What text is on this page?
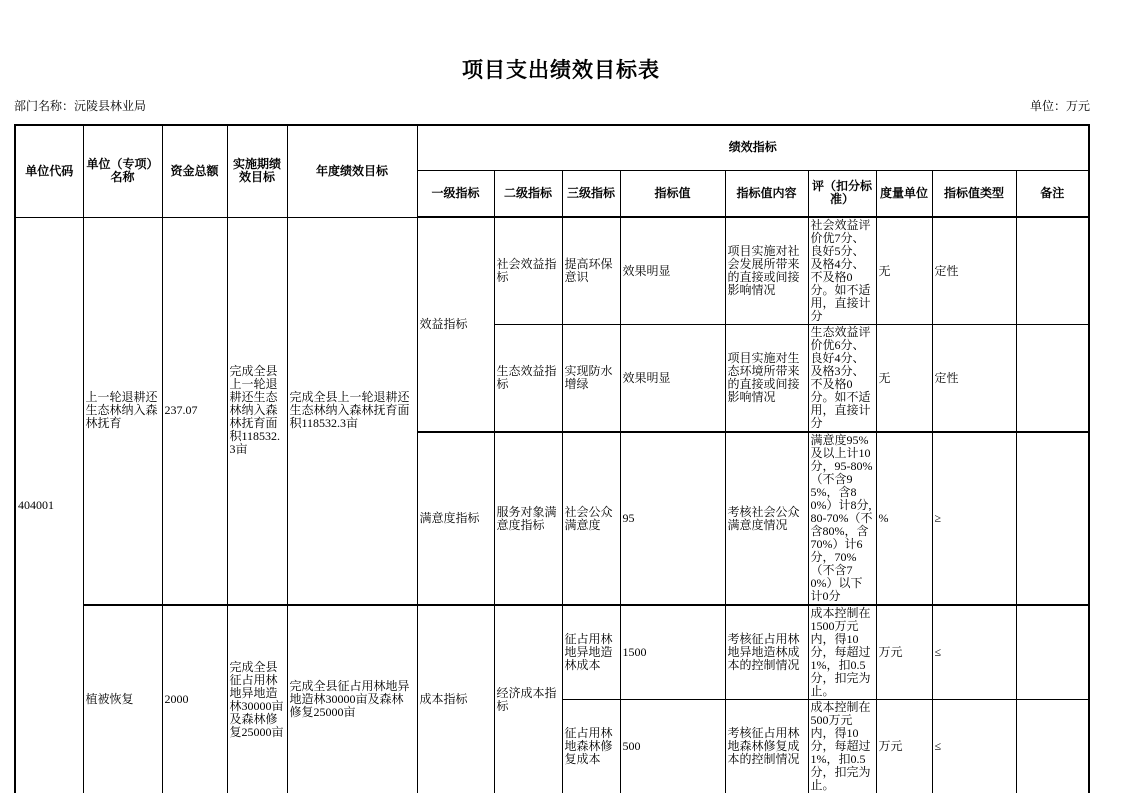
项目支出绩效目标表
部门名称：沅陵县林业局	单位：万元
单位代码	单位（专项）名称	资金总额	实施期绩效目标	年度绩效目标	绩效指标								
					一级指标	二级指标	三级指标	指标值	指标值内容	评（扣分标准）	度量单位	指标值类型	备注
404001	上一轮退耕还生态林纳入森林抚育	237.07	完成全县上一轮退耕还生态林纳入森林抚育面积118532.3亩	完成全县上一轮退耕还生态林纳入森林抚育面积118532.3亩	效益指标	社会效益指标	提高环保意识	效果明显	项目实施对社会发展所带来的直接或间接影响情况	社会效益评价优7分、良好5分、及格4分、不及格0分。如不适用，直接计分	无	定性	
						生态效益指标	实现防水增绿	效果明显	项目实施对生态环境所带来的直接或间接影响情况	生态效益评价优6分、良好4分、及格3分、不及格0分。如不适用，直接计分	无	定性	
					满意度指标	服务对象满意度指标	社会公众满意度	95	考核社会公众满意度情况	满意度95%及以上计10分，95-80%（不含95%，含80%）计8分,80-70%（不含80%，含70%）计6分，70%（不含70%）以下计0分	%	≥	
	植被恢复	2000	完成全县征占用林地异地造林30000亩及森林修复25000亩	完成全县征占用林地异地造林30000亩及森林修复25000亩	成本指标	经济成本指标	征占用林地异地造林成本	1500	考核征占用林地异地造林成本的控制情况	成本控制在1500万元内，得10分，每超过1%，扣0.5分，扣完为止。	万元	≤	
							征占用林地森林修复成本	500	考核征占用林地森林修复成本的控制情况	成本控制在500万元内，得10分，每超过1%，扣0.5分，扣完为止。	万元	≤	
